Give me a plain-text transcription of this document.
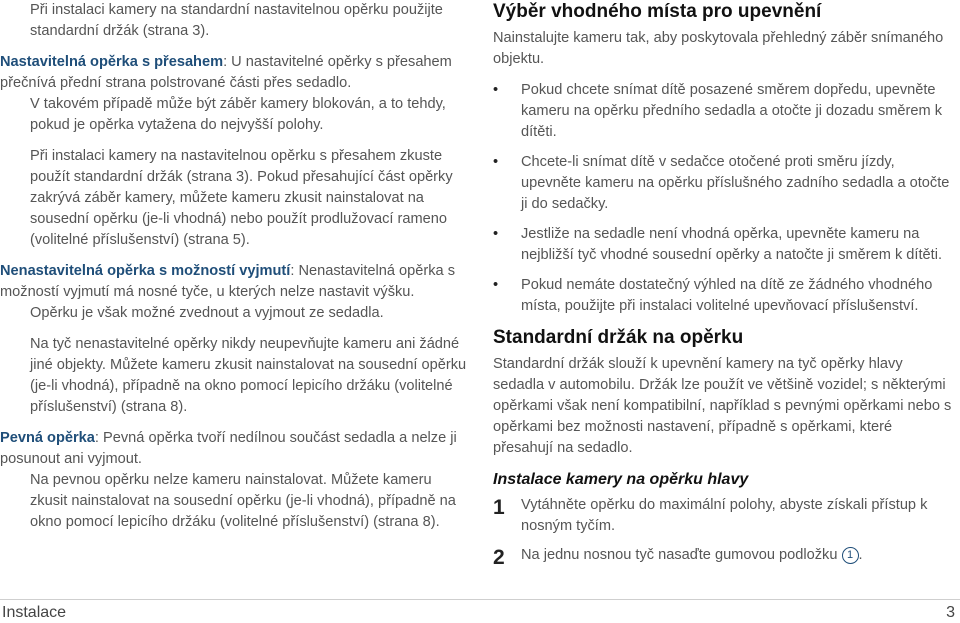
Při instalaci kamery na standardní nastavitelnou opěrku použijte standardní držák (strana 3).

Nastavitelná opěrka s přesahem: U nastavitelné opěrky s přesahem přečnívá přední strana polstrované části přes sedadlo.

V takovém případě může být záběr kamery blokován, a to tehdy, pokud je opěrka vytažena do nejvyšší polohy.

Při instalaci kamery na nastavitelnou opěrku s přesahem zkuste použít standardní držák (strana 3). Pokud přesahující část opěrky zakrývá záběr kamery, můžete kameru zkusit nainstalovat na sousední opěrku (je-li vhodná) nebo použít prodlužovací rameno (volitelné příslušenství) (strana 5).

Nenastavitelná opěrka s možností vyjmutí: Nenastavitelná opěrka s možností vyjmutí má nosné tyče, u kterých nelze nastavit výšku.

Opěrku je však možné zvednout a vyjmout ze sedadla.

Na tyč nenastavitelné opěrky nikdy neupevňujte kameru ani žádné jiné objekty. Můžete kameru zkusit nainstalovat na sousední opěrku (je-li vhodná), případně na okno pomocí lepicího držáku (volitelné příslušenství) (strana 8).

Pevná opěrka: Pevná opěrka tvoří nedílnou součást sedadla a nelze ji posunout ani vyjmout.

Na pevnou opěrku nelze kameru nainstalovat. Můžete kameru zkusit nainstalovat na sousední opěrku (je-li vhodná), případně na okno pomocí lepicího držáku (volitelné příslušenství) (strana 8).

Výběr vhodného místa pro upevnění

Nainstalujte kameru tak, aby poskytovala přehledný záběr snímaného objektu.

• Pokud chcete snímat dítě posazené směrem dopředu, upevněte kameru na opěrku předního sedadla a otočte ji dozadu směrem k dítěti.
• Chcete-li snímat dítě v sedačce otočené proti směru jízdy, upevněte kameru na opěrku příslušného zadního sedadla a otočte ji do sedačky.
• Jestliže na sedadle není vhodná opěrka, upevněte kameru na nejbližší tyč vhodné sousední opěrky a natočte ji směrem k dítěti.
• Pokud nemáte dostatečný výhled na dítě ze žádného vhodného místa, použijte při instalaci volitelné upevňovací příslušenství.
Standardní držák na opěrku

Standardní držák slouží k upevnění kamery na tyč opěrky hlavy sedadla v automobilu. Držák lze použít ve většině vozidel; s některými opěrkami však není kompatibilní, například s pevnými opěrkami nebo s opěrkami bez možnosti nastavení, případně s opěrkami, které přesahují na sedadlo.

Instalace kamery na opěrku hlavy
1 Vytáhněte opěrku do maximální polohy, abyste získali přístup k nosným tyčím.
2 Na jednu nosnou tyč nasaďte gumovou podložku 1 .
Instalace	3
